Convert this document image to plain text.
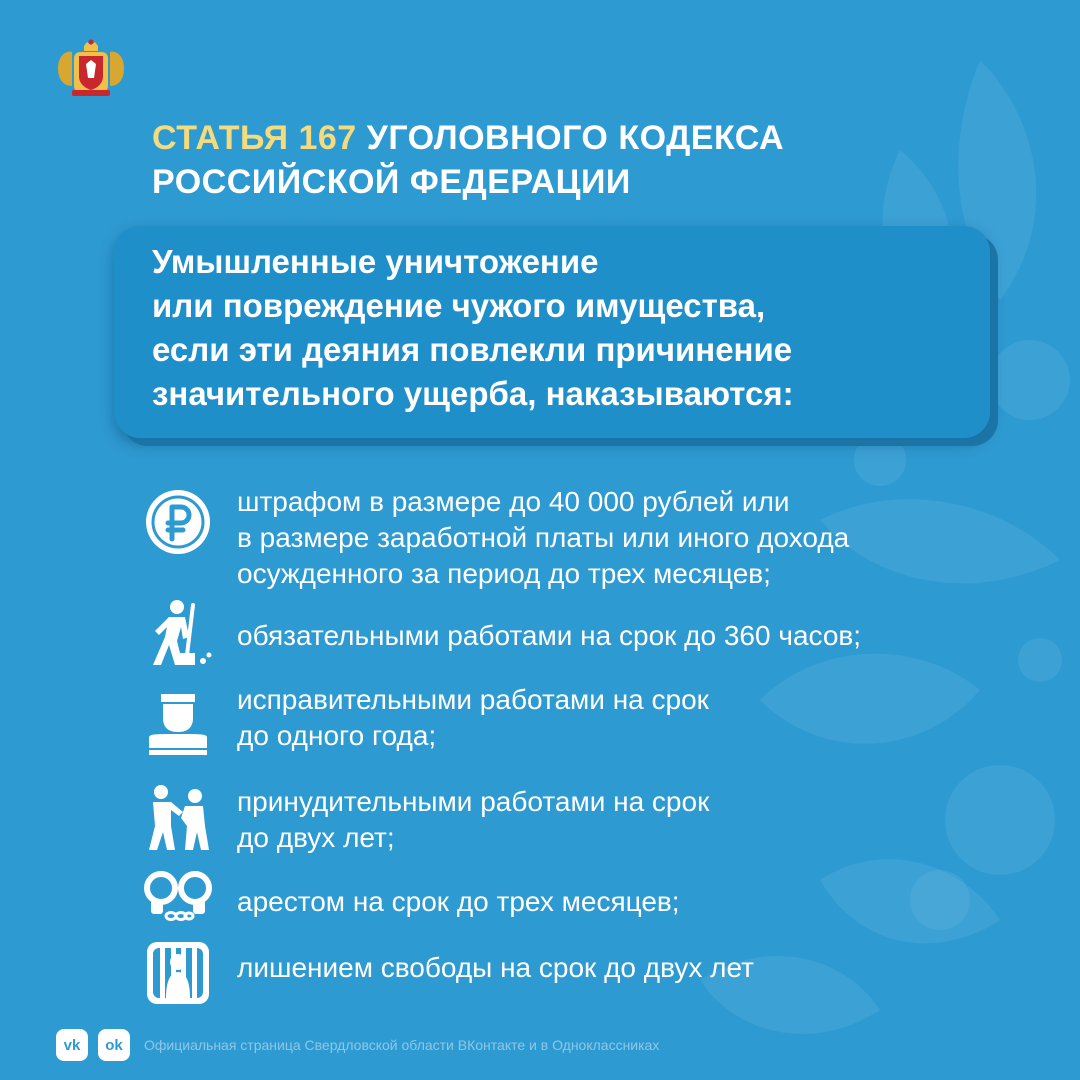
СТАТЬЯ 167 УГОЛОВНОГО КОДЕКСА
РОССИЙСКОЙ ФЕДЕРАЦИИ
Умышленные уничтожение
или повреждение чужого имущества,
если эти деяния повлекли причинение
значительного ущерба, наказываются:
штрафом в размере до 40 000 рублей или
в размере заработной платы или иного дохода
осужденного за период до трех месяцев;
обязательными работами на срок до 360 часов;
исправительными работами на срок
до одного года;
принудительными работами на срок
до двух лет;
арестом на срок до трех месяцев;
лишением свободы на срок до двух лет
vk ok Официальная страница Свердловской области ВКонтакте и в Одноклассниках
